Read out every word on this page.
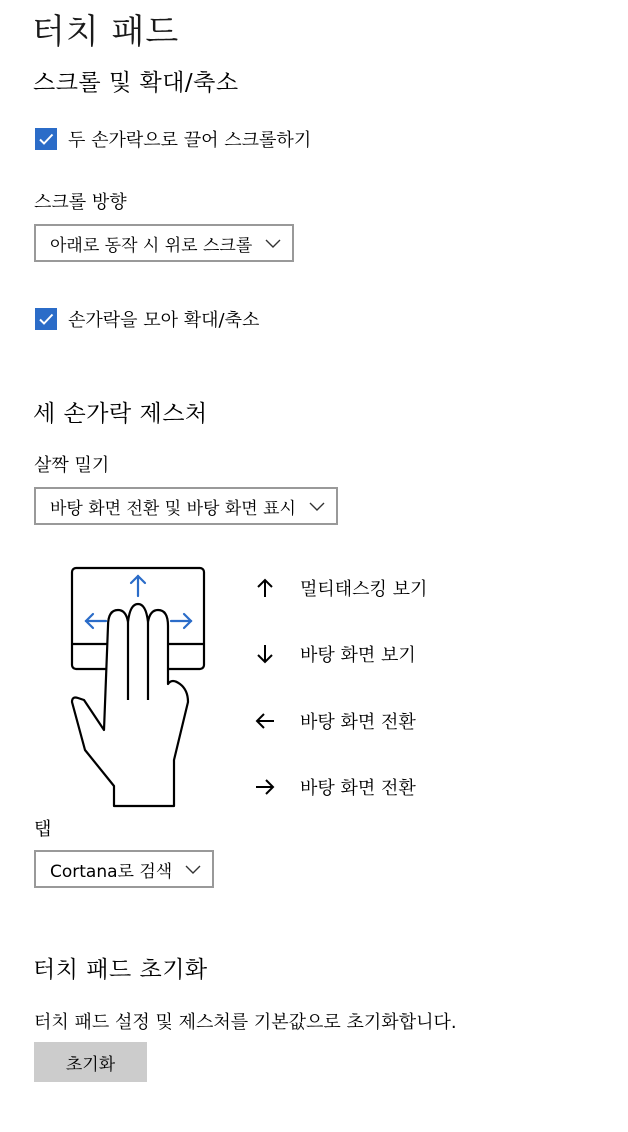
터치 패드
스크롤 및 확대/축소
두 손가락으로 끌어 스크롤하기
스크롤 방향
아래로 동작 시 위로 스크롤
손가락을 모아 확대/축소
세 손가락 제스처
살짝 밀기
바탕 화면 전환 및 바탕 화면 표시
멀티태스킹 보기
바탕 화면 보기
바탕 화면 전환
바탕 화면 전환
탭
Cortana로 검색
터치 패드 초기화
터치 패드 설정 및 제스처를 기본값으로 초기화합니다.
초기화
